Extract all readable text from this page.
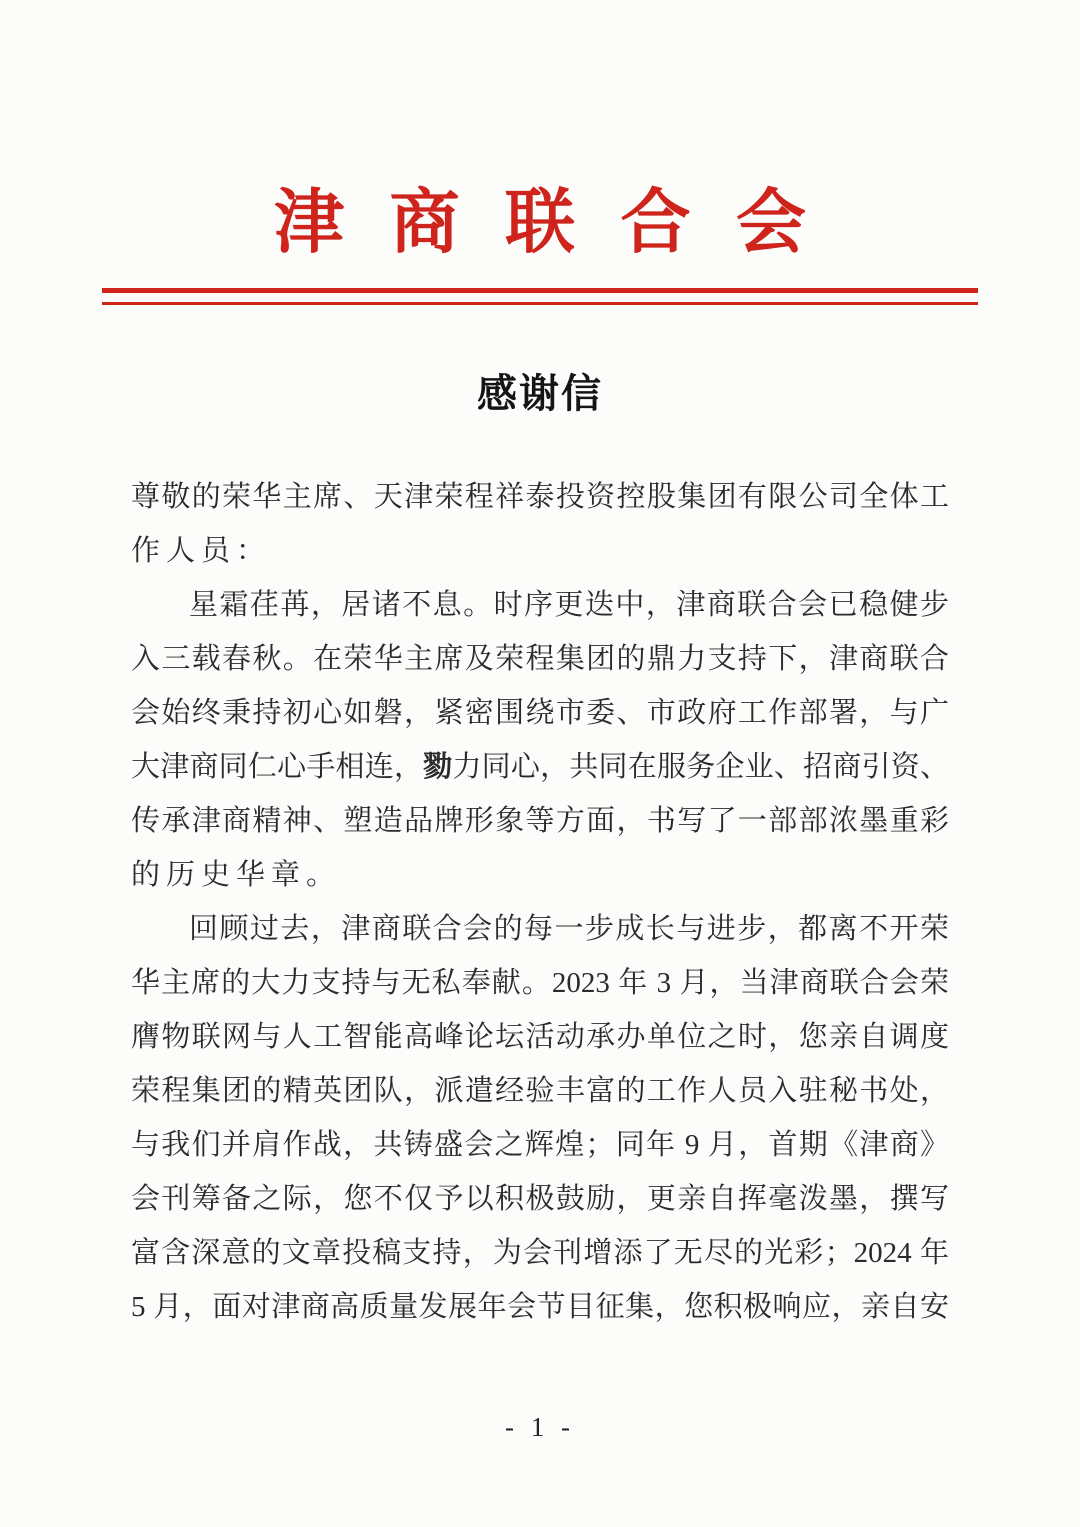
津商联合会
感谢信
尊敬的荣华主席、天津荣程祥泰投资控股集团有限公司全体工
作人员：
星霜荏苒，居诸不息。时序更迭中，津商联合会已稳健步
入三载春秋。在荣华主席及荣程集团的鼎力支持下，津商联合
会始终秉持初心如磐，紧密围绕市委、市政府工作部署，与广
大津商同仁心手相连，勠力同心，共同在服务企业、招商引资、
传承津商精神、塑造品牌形象等方面，书写了一部部浓墨重彩
的历史华章。
回顾过去，津商联合会的每一步成长与进步，都离不开荣
华主席的大力支持与无私奉献。2023 年 3 月，当津商联合会荣
膺物联网与人工智能高峰论坛活动承办单位之时，您亲自调度
荣程集团的精英团队，派遣经验丰富的工作人员入驻秘书处，
与我们并肩作战，共铸盛会之辉煌；同年 9 月，首期《津商》
会刊筹备之际，您不仅予以积极鼓励，更亲自挥毫泼墨，撰写
富含深意的文章投稿支持，为会刊增添了无尽的光彩；2024 年
5 月，面对津商高质量发展年会节目征集，您积极响应，亲自安
- 1 -
